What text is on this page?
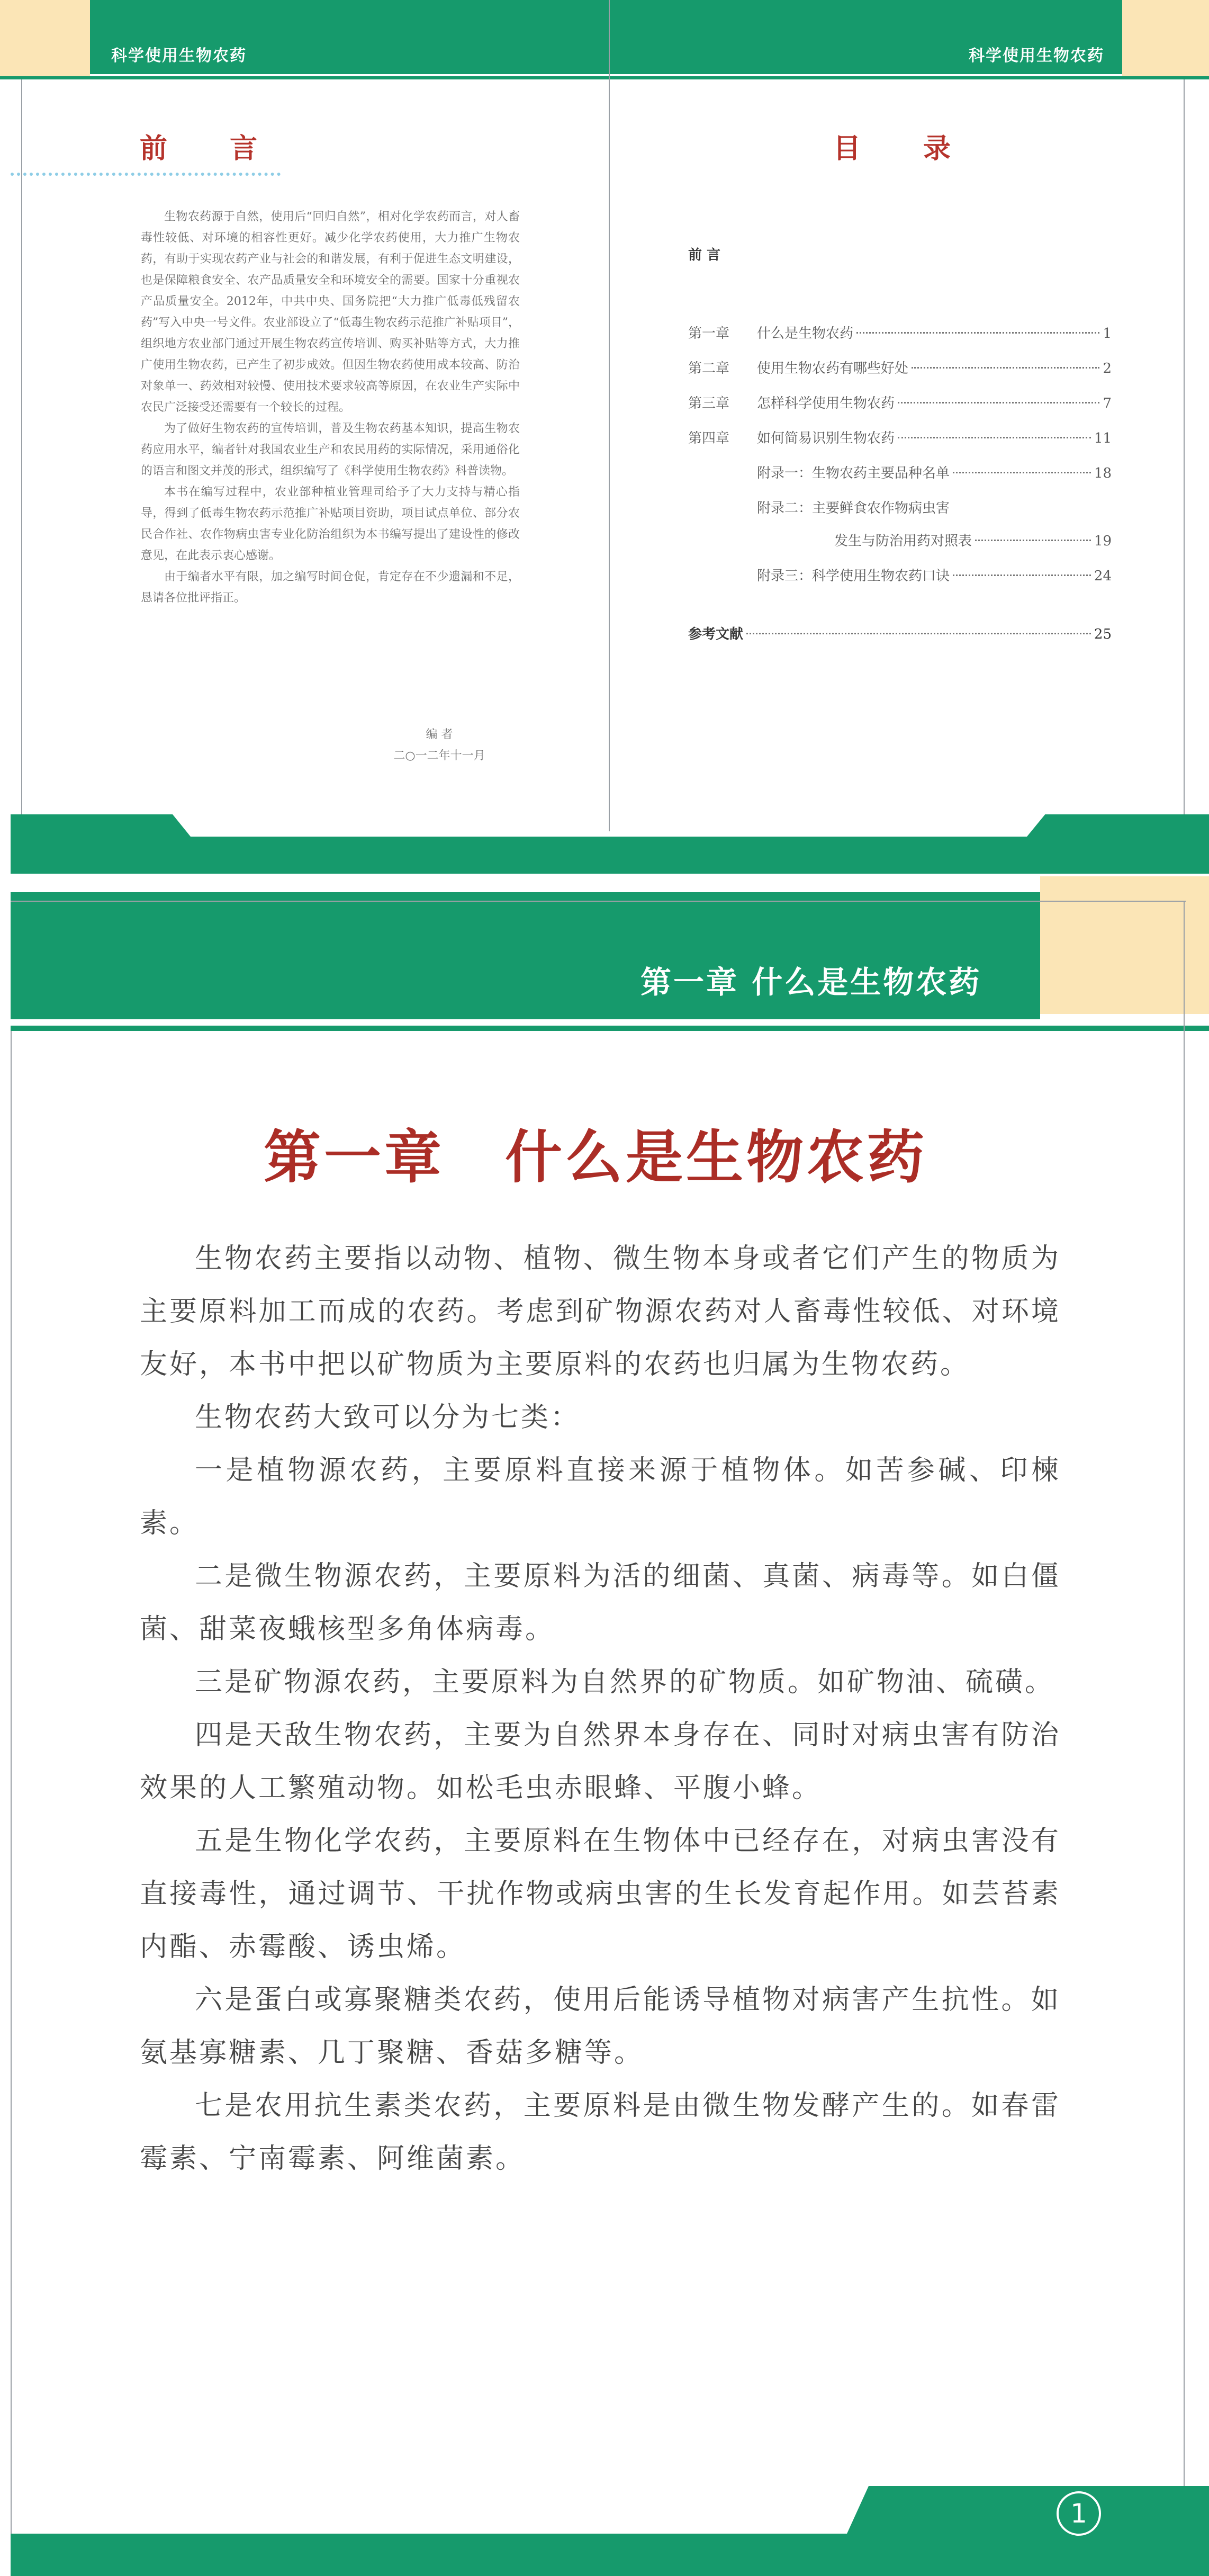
科学使用生物农药	科学使用生物农药
前 言

生物农药源于自然，使用后“回归自然”，相对化学农药而言，对人畜毒性较低、对环境的相容性更好。减少化学农药使用，大力推广生物农药，有助于实现农药产业与社会的和谐发展，有利于促进生态文明建设，也是保障粮食安全、农产品质量安全和环境安全的需要。国家十分重视农产品质量安全。2012年，中共中央、国务院把“大力推广低毒低残留农药”写入中央一号文件。农业部设立了“低毒生物农药示范推广补贴项目”，组织地方农业部门通过开展生物农药宣传培训、购买补贴等方式，大力推广使用生物农药，已产生了初步成效。但因生物农药使用成本较高、防治对象单一、药效相对较慢、使用技术要求较高等原因，在农业生产实际中农民广泛接受还需要有一个较长的过程。

为了做好生物农药的宣传培训，普及生物农药基本知识，提高生物农药应用水平，编者针对我国农业生产和农民用药的实际情况，采用通俗化的语言和图文并茂的形式，组织编写了《科学使用生物农药》科普读物。

本书在编写过程中，农业部种植业管理司给予了大力支持与精心指导，得到了低毒生物农药示范推广补贴项目资助，项目试点单位、部分农民合作社、农作物病虫害专业化防治组织为本书编写提出了建设性的修改意见，在此表示衷心感谢。

由于编者水平有限，加之编写时间仓促，肯定存在不少遗漏和不足，恳请各位批评指正。

编 者
二○一二年十一月
目 录
前 言
第一章	什么是生物农药	1
第二章	使用生物农药有哪些好处	2
第三章	怎样科学使用生物农药	7
第四章	如何简易识别生物农药	11
附录一：生物农药主要品种名单	18
附录二：主要鲜食农作物病虫害
发生与防治用药对照表	19
附录三：科学使用生物农药口诀	24
参考文献	25
第一章 什么是生物农药
第一章　什么是生物农药

生物农药主要指以动物、植物、微生物本身或者它们产生的物质为主要原料加工而成的农药。考虑到矿物源农药对人畜毒性较低、对环境友好，本书中把以矿物质为主要原料的农药也归属为生物农药。

生物农药大致可以分为七类：

一是植物源农药，主要原料直接来源于植物体。如苦参碱、印楝素。

二是微生物源农药，主要原料为活的细菌、真菌、病毒等。如白僵菌、甜菜夜蛾核型多角体病毒。

三是矿物源农药，主要原料为自然界的矿物质。如矿物油、硫磺。

四是天敌生物农药，主要为自然界本身存在、同时对病虫害有防治效果的人工繁殖动物。如松毛虫赤眼蜂、平腹小蜂。

五是生物化学农药，主要原料在生物体中已经存在，对病虫害没有直接毒性，通过调节、干扰作物或病虫害的生长发育起作用。如芸苔素内酯、赤霉酸、诱虫烯。

六是蛋白或寡聚糖类农药，使用后能诱导植物对病害产生抗性。如氨基寡糖素、几丁聚糖、香菇多糖等。

七是农用抗生素类农药，主要原料是由微生物发酵产生的。如春雷霉素、宁南霉素、阿维菌素。

1
